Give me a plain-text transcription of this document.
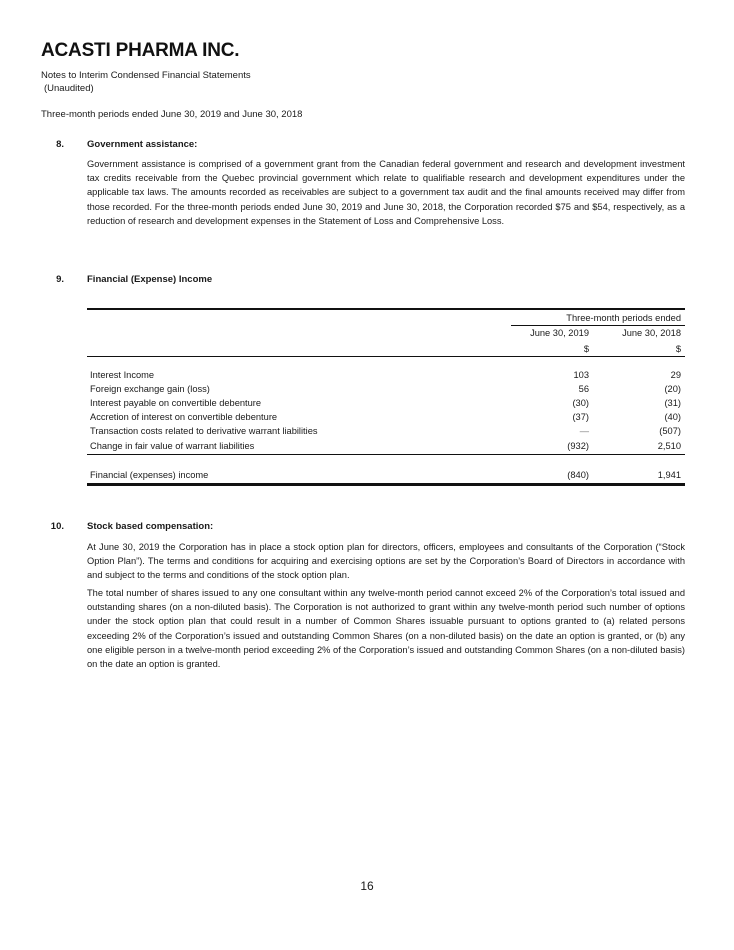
ACASTI PHARMA INC.
Notes to Interim Condensed Financial Statements
(Unaudited)
Three-month periods ended June 30, 2019 and June 30, 2018
8. Government assistance:
Government assistance is comprised of a government grant from the Canadian federal government and research and development investment tax credits receivable from the Quebec provincial government which relate to qualifiable research and development expenditures under the applicable tax laws. The amounts recorded as receivables are subject to a government tax audit and the final amounts received may differ from those recorded. For the three-month periods ended June 30, 2019 and June 30, 2018, the Corporation recorded $75 and $54, respectively, as a reduction of research and development expenses in the Statement of Loss and Comprehensive Loss.
9. Financial (Expense) Income
Three-month periods ended
June 30, 2019	June 30, 2018
$	$
Interest Income	103	29
Foreign exchange gain (loss)	56	(20)
Interest payable on convertible debenture	(30)	(31)
Accretion of interest on convertible debenture	(37)	(40)
Transaction costs related to derivative warrant liabilities	—	(507)
Change in fair value of warrant liabilities	(932)	2,510
Financial (expenses) income	(840)	1,941
10. Stock based compensation:
At June 30, 2019 the Corporation has in place a stock option plan for directors, officers, employees and consultants of the Corporation (“Stock Option Plan”). The terms and conditions for acquiring and exercising options are set by the Corporation’s Board of Directors in accordance with and subject to the terms and conditions of the stock option plan.
The total number of shares issued to any one consultant within any twelve-month period cannot exceed 2% of the Corporation’s total issued and outstanding shares (on a non-diluted basis). The Corporation is not authorized to grant within any twelve-month period such number of options under the stock option plan that could result in a number of Common Shares issuable pursuant to options granted to (a) related persons exceeding 2% of the Corporation’s issued and outstanding Common Shares (on a non-diluted basis) on the date an option is granted, or (b) any one eligible person in a twelve-month period exceeding 2% of the Corporation’s issued and outstanding Common Shares (on a non-diluted basis) on the date an option is granted.
16
